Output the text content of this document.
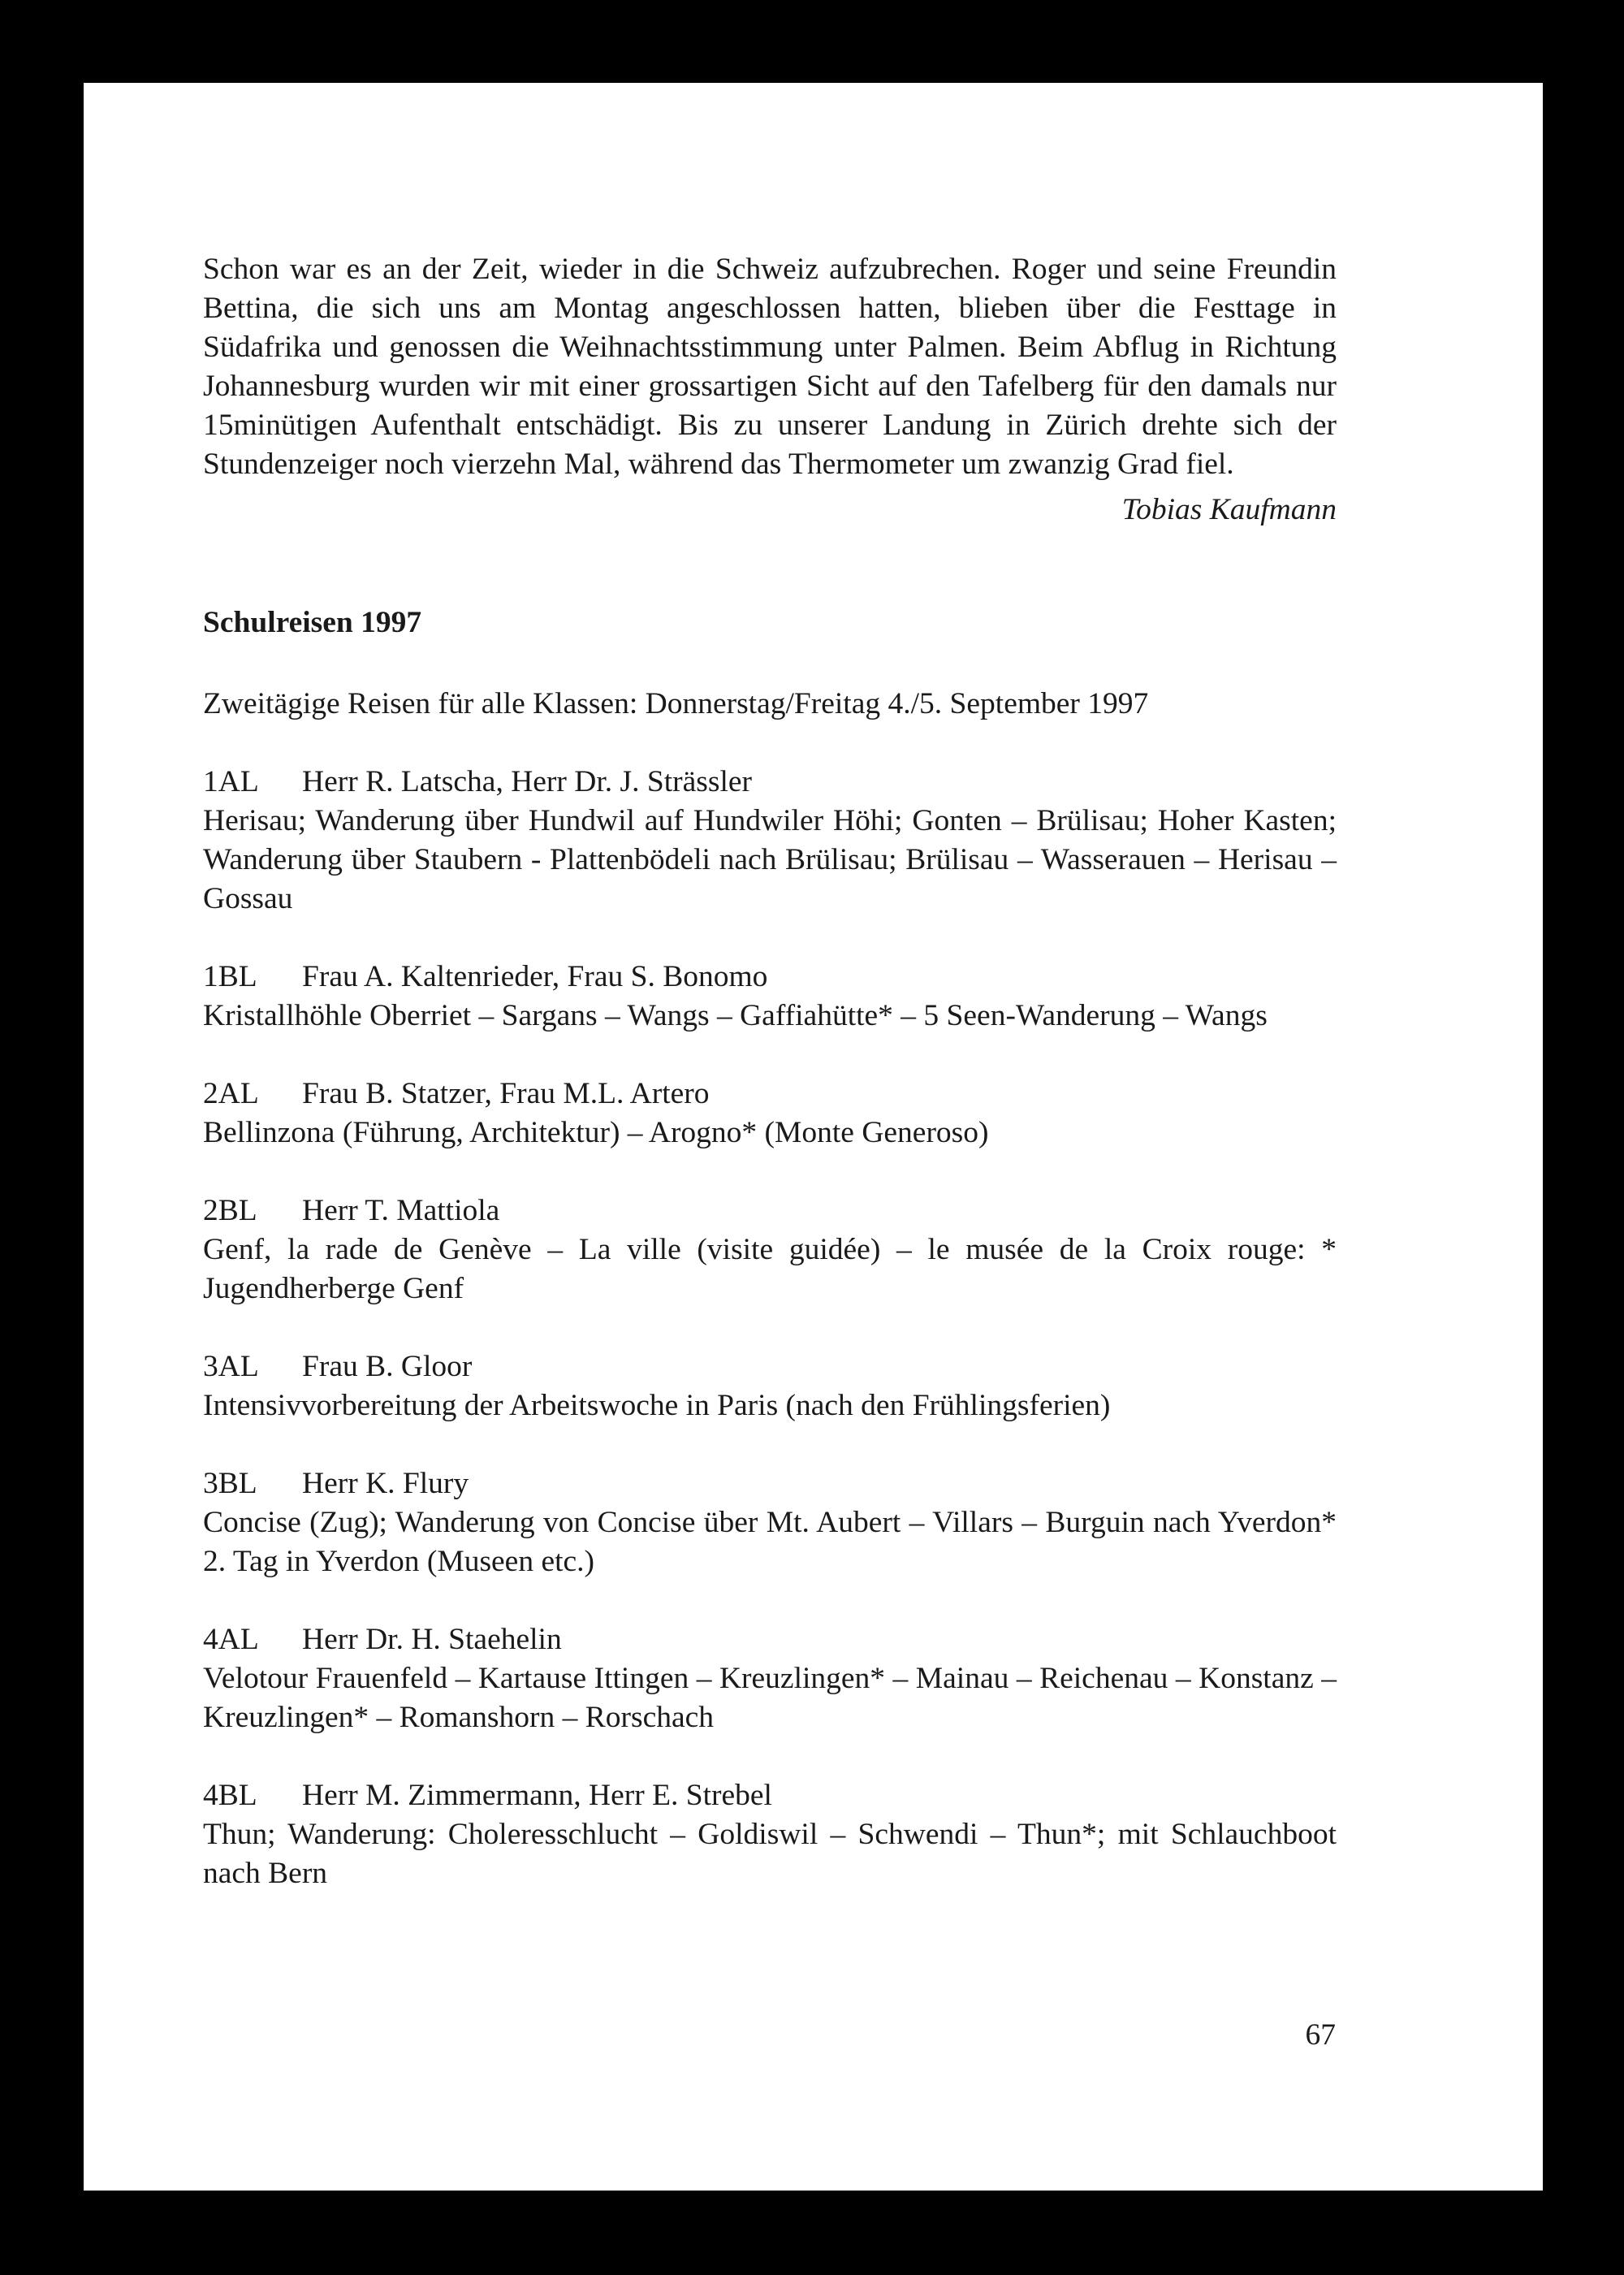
Schon war es an der Zeit, wieder in die Schweiz aufzubrechen. Roger und seine Freundin Bettina, die sich uns am Montag angeschlossen hatten, blieben über die Festtage in Südafrika und genossen die Weihnachtsstimmung unter Palmen. Beim Abflug in Richtung Johannesburg wurden wir mit einer grossartigen Sicht auf den Tafelberg für den damals nur 15minütigen Aufenthalt entschädigt. Bis zu unserer Landung in Zürich drehte sich der Stundenzeiger noch vierzehn Mal, während das Thermometer um zwanzig Grad fiel.

Tobias Kaufmann
Schulreisen 1997
Zweitägige Reisen für alle Klassen: Donnerstag/Freitag 4./5. September 1997
1AL Herr R. Latscha, Herr Dr. J. Strässler
Herisau; Wanderung über Hundwil auf Hundwiler Höhi; Gonten – Brülisau; Hoher Kasten; Wanderung über Staubern - Plattenbödeli nach Brülisau; Brülisau – Wasserauen – Herisau – Gossau
1BL Frau A. Kaltenrieder, Frau S. Bonomo
Kristallhöhle Oberriet – Sargans – Wangs – Gaffiahütte* – 5 Seen-Wanderung – Wangs
2AL Frau B. Statzer, Frau M.L. Artero
Bellinzona (Führung, Architektur) – Arogno* (Monte Generoso)
2BL Herr T. Mattiola
Genf, la rade de Genève – La ville (visite guidée) – le musée de la Croix rouge: * Jugendherberge Genf
3AL Frau B. Gloor
Intensivvorbereitung der Arbeitswoche in Paris (nach den Frühlingsferien)
3BL Herr K. Flury
Concise (Zug); Wanderung von Concise über Mt. Aubert – Villars – Burguin nach Yverdon* 2. Tag in Yverdon (Museen etc.)
4AL Herr Dr. H. Staehelin
Velotour Frauenfeld – Kartause Ittingen – Kreuzlingen* – Mainau – Reichenau – Konstanz – Kreuzlingen* – Romanshorn – Rorschach
4BL Herr M. Zimmermann, Herr E. Strebel
Thun; Wanderung: Choleresschlucht – Goldiswil – Schwendi – Thun*; mit Schlauchboot nach Bern
67
